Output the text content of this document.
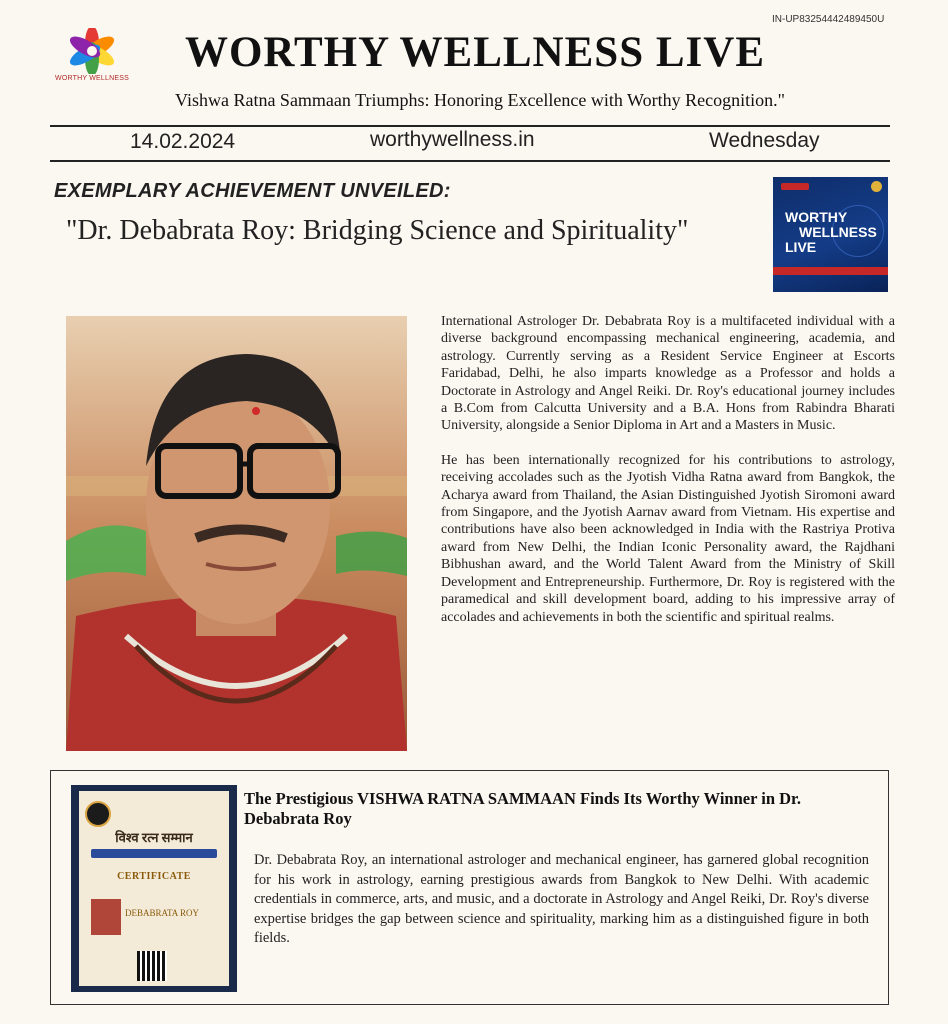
IN-UP83254442489450U
WORTHY WELLNESS
WORTHY WELLNESS LIVE
Vishwa Ratna Sammaan Triumphs: Honoring Excellence with Worthy Recognition."
14.02.2024	worthywellness.in	Wednesday
EXEMPLARY ACHIEVEMENT UNVEILED:
"Dr. Debabrata Roy: Bridging Science and Spirituality"	WORTHY
WELLNESS
LIVE

International Astrologer Dr. Debabrata Roy is a multifaceted individual with a diverse background encompassing mechanical engineering, academia, and astrology. Currently serving as a Resident Service Engineer at Escorts Faridabad, Delhi, he also imparts knowledge as a Professor and holds a Doctorate in Astrology and Angel Reiki. Dr. Roy's educational journey includes a B.Com from Calcutta University and a B.A. Hons from Rabindra Bharati University, alongside a Senior Diploma in Art and a Masters in Music.

He has been internationally recognized for his contributions to astrology, receiving accolades such as the Jyotish Vidha Ratna award from Bangkok, the Acharya award from Thailand, the Asian Distinguished Jyotish Siromoni award from Singapore, and the Jyotish Aarnav award from Vietnam. His expertise and contributions have also been acknowledged in India with the Rastriya Protiva award from New Delhi, the Indian Iconic Personality award, the Rajdhani Bibhushan award, and the World Talent Award from the Ministry of Skill Development and Entrepreneurship. Furthermore, Dr. Roy is registered with the paramedical and skill development board, adding to his impressive array of accolades and achievements in both the scientific and spiritual realms.

विश्व रत्न सम्मान
CERTIFICATE
DEBABRATA ROY
The Prestigious VISHWA RATNA SAMMAAN Finds Its Worthy Winner in Dr. Debabrata Roy
Dr. Debabrata Roy, an international astrologer and mechanical engineer, has garnered global recognition for his work in astrology, earning prestigious awards from Bangkok to New Delhi. With academic credentials in commerce, arts, and music, and a doctorate in Astrology and Angel Reiki, Dr. Roy's diverse expertise bridges the gap between science and spirituality, marking him as a distinguished figure in both fields.
